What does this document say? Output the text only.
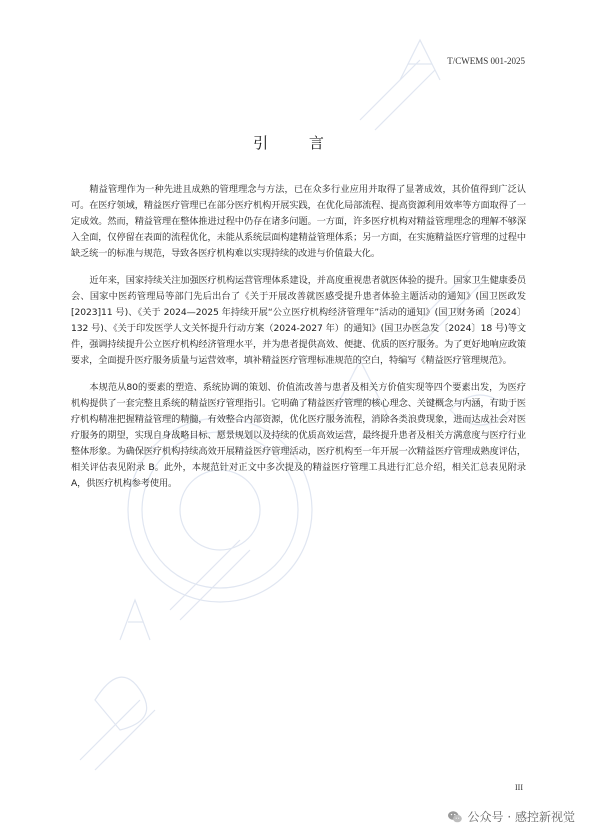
T/CWEMS 001-2025
引 言

精益管理作为一种先进且成熟的管理理念与方法，已在众多行业应用并取得了显著成效，其价值得到广泛认可。在医疗领域，精益医疗管理已在部分医疗机构开展实践，在优化局部流程、提高资源利用效率等方面取得了一定成效。然而，精益管理在整体推进过程中仍存在诸多问题。一方面，许多医疗机构对精益管理理念的理解不够深入全面，仅停留在表面的流程优化，未能从系统层面构建精益管理体系；另一方面，在实施精益医疗管理的过程中缺乏统一的标准与规范，导致各医疗机构难以实现持续的改进与价值最大化。

近年来，国家持续关注加强医疗机构运营管理体系建设，并高度重视患者就医体验的提升。国家卫生健康委员会、国家中医药管理局等部门先后出台了《关于开展改善就医感受提升患者体验主题活动的通知》(国卫医政发[2023]11 号)、《关于 2024—2025 年持续开展“公立医疗机构经济管理年”活动的通知》(国卫财务函〔2024〕132 号)、《关于印发医学人文关怀提升行动方案（2024-2027 年）的通知》(国卫办医急发〔2024〕18 号)等文件，强调持续提升公立医疗机构经济管理水平，并为患者提供高效、便捷、优质的医疗服务。为了更好地响应政策要求，全面提升医疗服务质量与运营效率，填补精益医疗管理标准规范的空白，特编写《精益医疗管理规范》。

本规范从80的要素的塑造、系统协调的策划、价值流改善与患者及相关方价值实现等四个要素出发，为医疗机构提供了一套完整且系统的精益医疗管理指引。它明确了精益医疗管理的核心理念、关键概念与内涵，有助于医疗机构精准把握精益管理的精髓，有效整合内部资源，优化医疗服务流程，消除各类浪费现象，进而达成社会对医疗服务的期望，实现自身战略目标、愿景规划以及持续的优质高效运营，最终提升患者及相关方满意度与医疗行业整体形象。为确保医疗机构持续高效开展精益医疗管理活动，医疗机构至一年开展一次精益医疗管理成熟度评估，相关评估表见附录 B。此外，本规范针对正文中多次提及的精益医疗管理工具进行汇总介绍，相关汇总表见附录 A，供医疗机构参考使用。

III
公众号 · 感控新视觉
